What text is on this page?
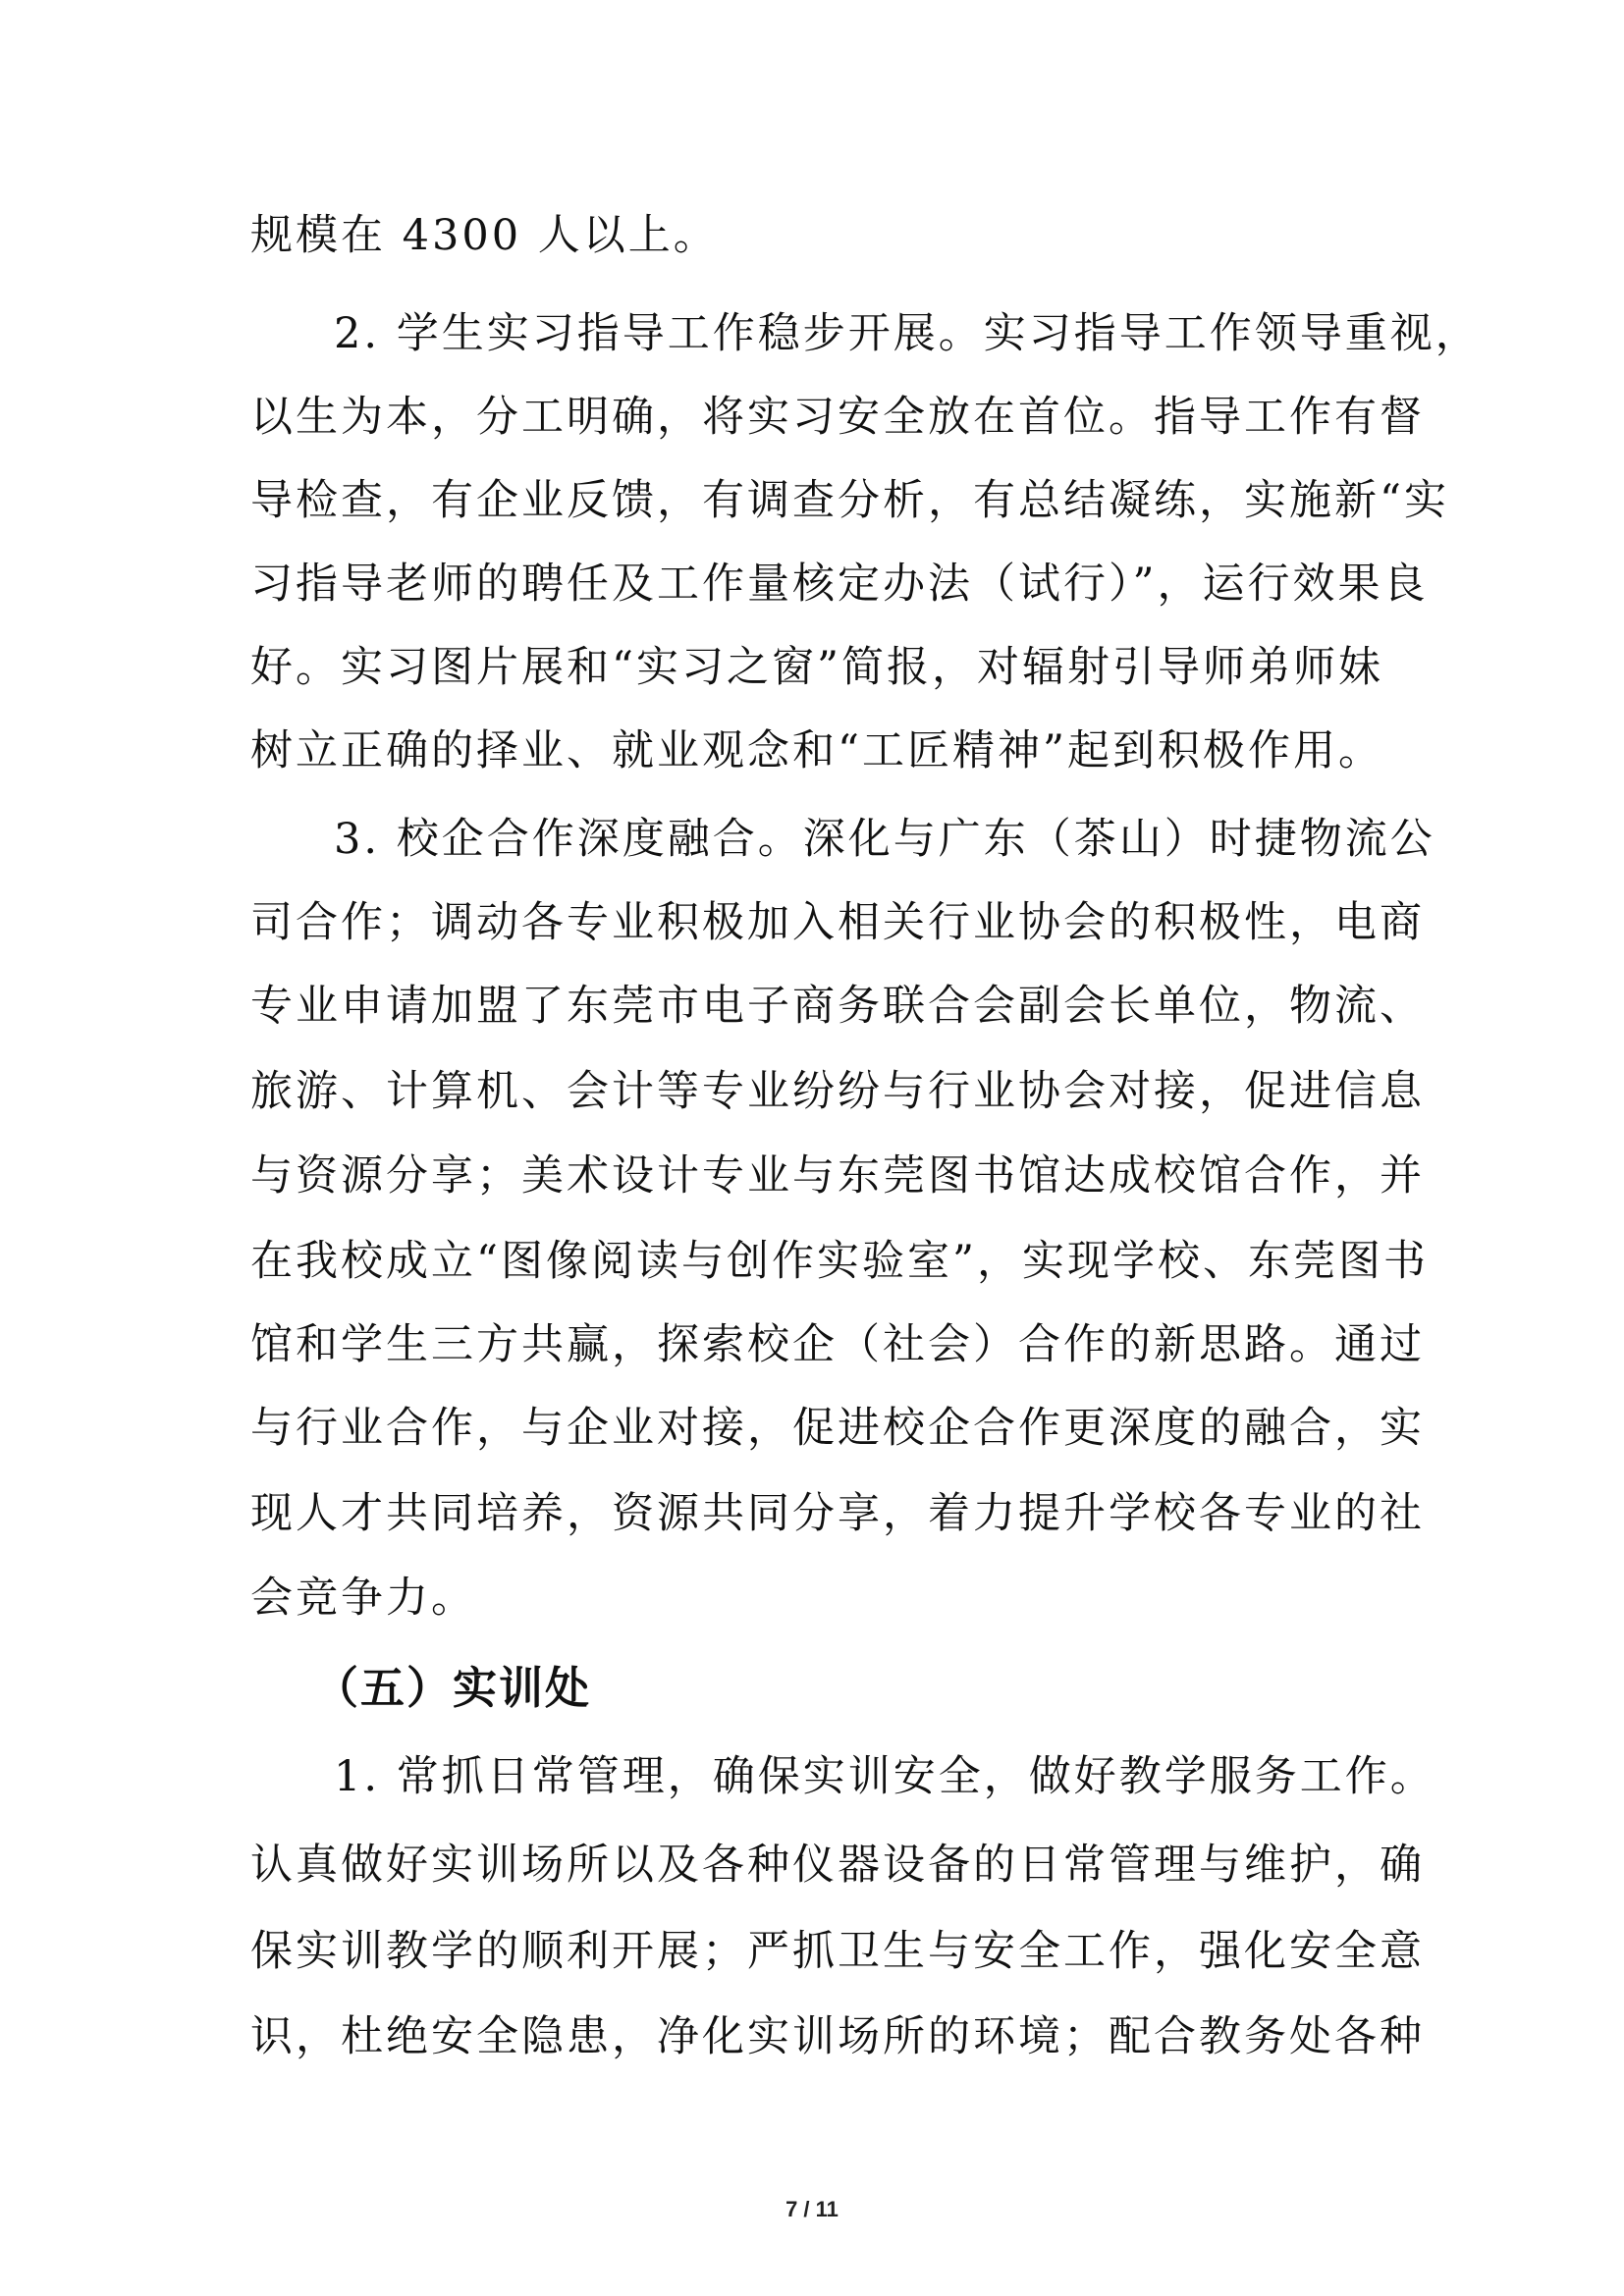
规模在 4300 人以上。
2. 学生实习指导工作稳步开展。实习指导工作领导重视，
以生为本，分工明确，将实习安全放在首位。指导工作有督
导检查，有企业反馈，有调查分析，有总结凝练，实施新“实
习指导老师的聘任及工作量核定办法（试行）”，运行效果良
好。实习图片展和“实习之窗”简报，对辐射引导师弟师妹
树立正确的择业、就业观念和“工匠精神”起到积极作用。
3. 校企合作深度融合。深化与广东（茶山）时捷物流公
司合作；调动各专业积极加入相关行业协会的积极性，电商
专业申请加盟了东莞市电子商务联合会副会长单位，物流、
旅游、计算机、会计等专业纷纷与行业协会对接，促进信息
与资源分享；美术设计专业与东莞图书馆达成校馆合作，并
在我校成立“图像阅读与创作实验室”，实现学校、东莞图书
馆和学生三方共赢，探索校企（社会）合作的新思路。通过
与行业合作，与企业对接，促进校企合作更深度的融合，实
现人才共同培养，资源共同分享，着力提升学校各专业的社
会竞争力。
（五）实训处
1. 常抓日常管理，确保实训安全，做好教学服务工作。
认真做好实训场所以及各种仪器设备的日常管理与维护，确
保实训教学的顺利开展；严抓卫生与安全工作，强化安全意
识，杜绝安全隐患，净化实训场所的环境；配合教务处各种
7 / 11
